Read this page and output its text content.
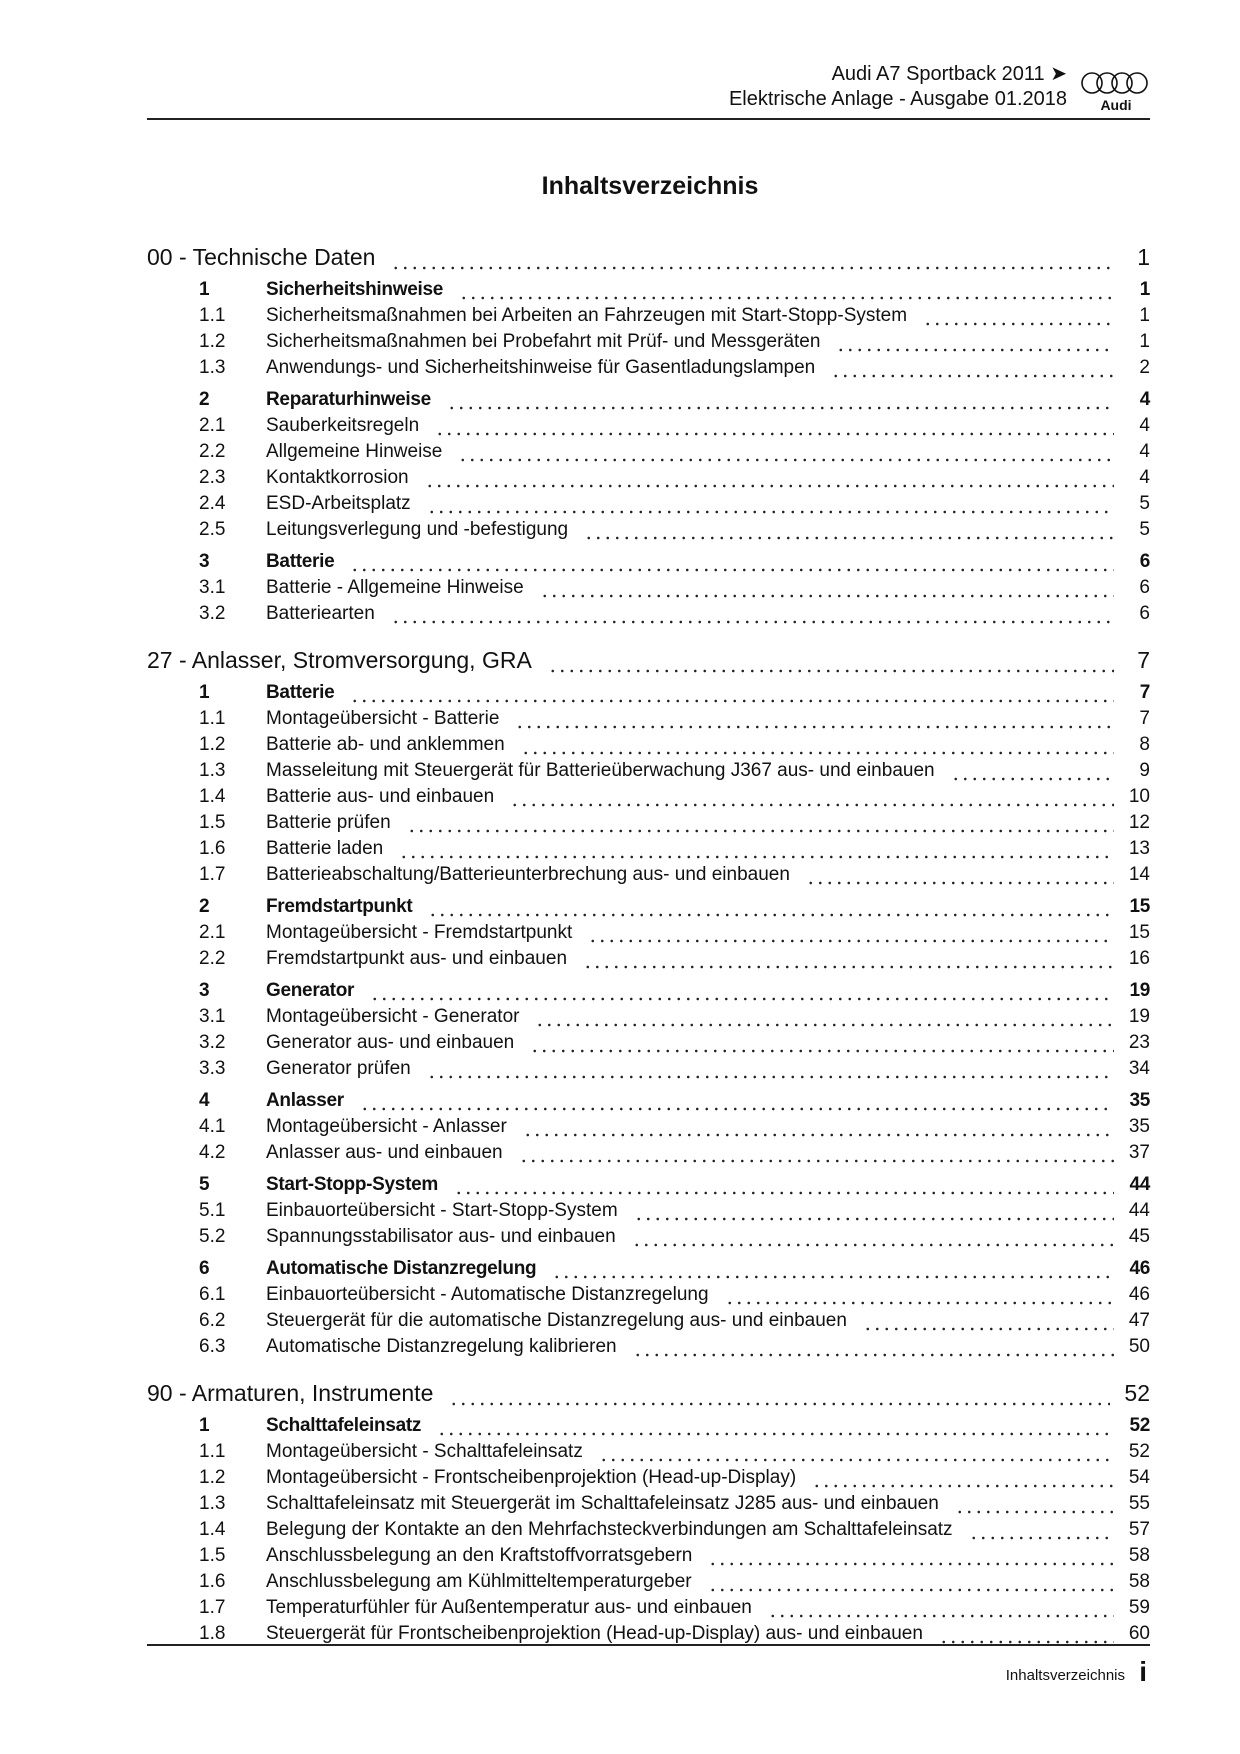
Audi A7 Sportback 2011 ➤
Elektrische Anlage - Ausgabe 01.2018 Audi
Inhaltsverzeichnis
00 - Technische Daten	1
1	Sicherheitshinweise	1
1.1	Sicherheitsmaßnahmen bei Arbeiten an Fahrzeugen mit Start-Stopp-System	1
1.2	Sicherheitsmaßnahmen bei Probefahrt mit Prüf- und Messgeräten	1
1.3	Anwendungs- und Sicherheitshinweise für Gasentladungslampen	2
2	Reparaturhinweise	4
2.1	Sauberkeitsregeln	4
2.2	Allgemeine Hinweise	4
2.3	Kontaktkorrosion	4
2.4	ESD-Arbeitsplatz	5
2.5	Leitungsverlegung und -befestigung	5
3	Batterie	6
3.1	Batterie - Allgemeine Hinweise	6
3.2	Batteriearten	6
27 - Anlasser, Stromversorgung, GRA	7
1	Batterie	7
1.1	Montageübersicht - Batterie	7
1.2	Batterie ab- und anklemmen	8
1.3	Masseleitung mit Steuergerät für Batterieüberwachung J367 aus- und einbauen	9
1.4	Batterie aus- und einbauen	10
1.5	Batterie prüfen	12
1.6	Batterie laden	13
1.7	Batterieabschaltung/Batterieunterbrechung aus- und einbauen	14
2	Fremdstartpunkt	15
2.1	Montageübersicht - Fremdstartpunkt	15
2.2	Fremdstartpunkt aus- und einbauen	16
3	Generator	19
3.1	Montageübersicht - Generator	19
3.2	Generator aus- und einbauen	23
3.3	Generator prüfen	34
4	Anlasser	35
4.1	Montageübersicht - Anlasser	35
4.2	Anlasser aus- und einbauen	37
5	Start-Stopp-System	44
5.1	Einbauorteübersicht - Start-Stopp-System	44
5.2	Spannungsstabilisator aus- und einbauen	45
6	Automatische Distanzregelung	46
6.1	Einbauorteübersicht - Automatische Distanzregelung	46
6.2	Steuergerät für die automatische Distanzregelung aus- und einbauen	47
6.3	Automatische Distanzregelung kalibrieren	50
90 - Armaturen, Instrumente	52
1	Schalttafeleinsatz	52
1.1	Montageübersicht - Schalttafeleinsatz	52
1.2	Montageübersicht - Frontscheibenprojektion (Head-up-Display)	54
1.3	Schalttafeleinsatz mit Steuergerät im Schalttafeleinsatz J285 aus- und einbauen	55
1.4	Belegung der Kontakte an den Mehrfachsteckverbindungen am Schalttafeleinsatz	57
1.5	Anschlussbelegung an den Kraftstoffvorratsgebern	58
1.6	Anschlussbelegung am Kühlmitteltemperaturgeber	58
1.7	Temperaturfühler für Außentemperatur aus- und einbauen	59
1.8	Steuergerät für Frontscheibenprojektion (Head-up-Display) aus- und einbauen	60
Inhaltsverzeichnis i
